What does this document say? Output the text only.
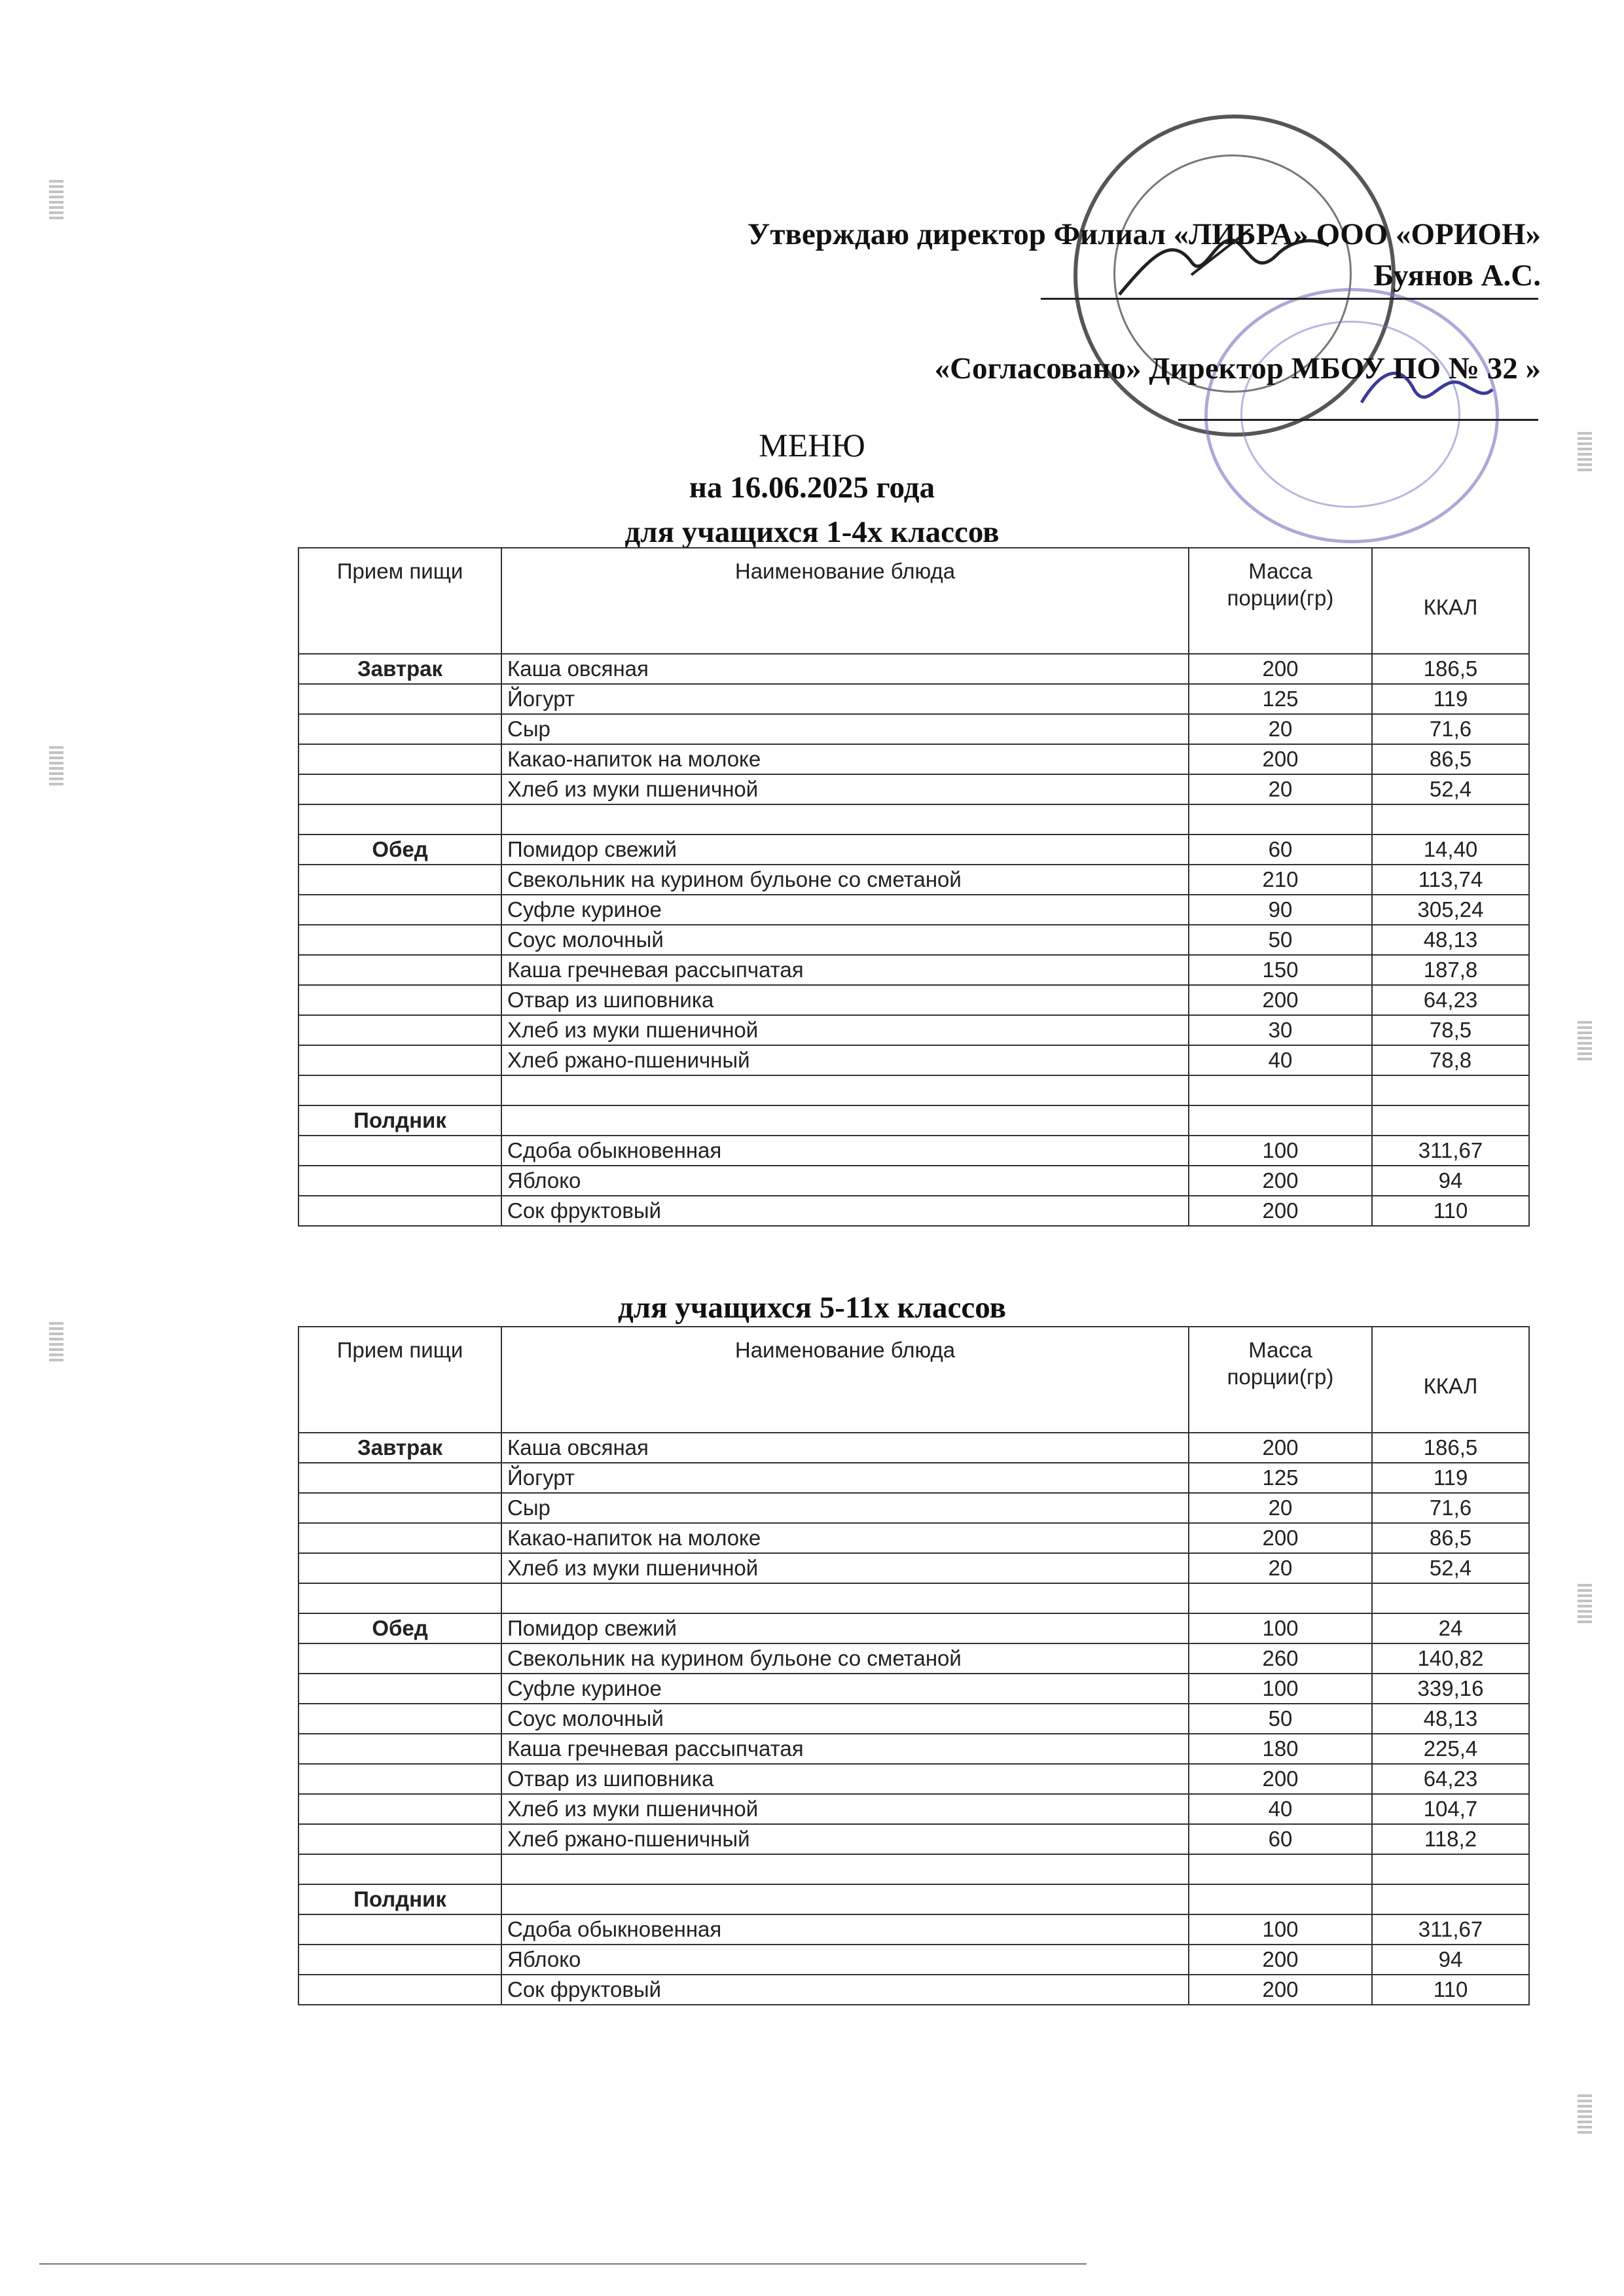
Утверждаю директор Филиал «ЛИБРА» ООО «ОРИОН»
Буянов А.С.
«Согласовано» Директор МБОУ ПО № 32 »
МЕНЮ
на 16.06.2025 года
для учащихся 1-4х классов
Прием пищи	Наименование блюда	Масса порции(гр)	ККАЛ
Завтрак	Каша овсяная	200	186,5
	Йогурт	125	119
	Сыр	20	71,6
	Какао-напиток на молоке	200	86,5
	Хлеб из муки пшеничной	20	52,4

Обед	Помидор свежий	60	14,40
	Свекольник на курином бульоне со сметаной	210	113,74
	Суфле куриное	90	305,24
	Соус молочный	50	48,13
	Каша гречневая рассыпчатая	150	187,8
	Отвар из шиповника	200	64,23
	Хлеб из муки пшеничной	30	78,5
	Хлеб ржано-пшеничный	40	78,8

Полдник			
	Сдоба обыкновенная	100	311,67
	Яблоко	200	94
	Сок фруктовый	200	110
для учащихся 5-11х классов
Прием пищи	Наименование блюда	Масса порции(гр)	ККАЛ
Завтрак	Каша овсяная	200	186,5
	Йогурт	125	119
	Сыр	20	71,6
	Какао-напиток на молоке	200	86,5
	Хлеб из муки пшеничной	20	52,4

Обед	Помидор свежий	100	24
	Свекольник на курином бульоне со сметаной	260	140,82
	Суфле куриное	100	339,16
	Соус молочный	50	48,13
	Каша гречневая рассыпчатая	180	225,4
	Отвар из шиповника	200	64,23
	Хлеб из муки пшеничной	40	104,7
	Хлеб ржано-пшеничный	60	118,2

Полдник			
	Сдоба обыкновенная	100	311,67
	Яблоко	200	94
	Сок фруктовый	200	110
